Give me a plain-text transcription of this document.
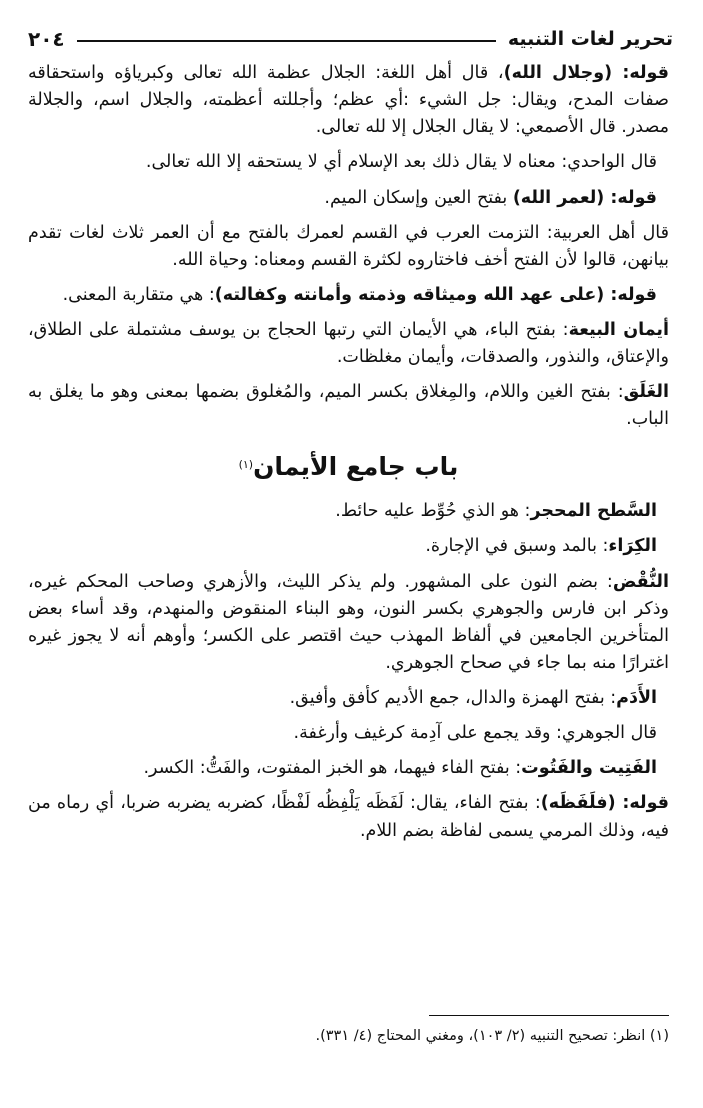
تحرير لغات التنبيه
٢٠٤

قوله: (وجلال الله)، قال أهل اللغة: الجلال عظمة الله تعالى وكبرياؤه واستحقاقه صفات المدح، ويقال: جل الشيء :أي عظم؛ وأجللته أعظمته، والجلال اسم، والجلالة مصدر. قال الأصمعي: لا يقال الجلال إلا لله تعالى.

قال الواحدي: معناه لا يقال ذلك بعد الإسلام أي لا يستحقه إلا الله تعالى.

قوله: (لعمر الله) بفتح العين وإسكان الميم.

قال أهل العربية: التزمت العرب في القسم لعمرك بالفتح مع أن العمر ثلاث لغات تقدم بيانهن، قالوا لأن الفتح أخف فاختاروه لكثرة القسم ومعناه: وحياة الله.

قوله: (على عهد الله وميثاقه وذمته وأمانته وكفالته): هي متقاربة المعنى.

أيمان البيعة: بفتح الباء، هي الأيمان التي رتبها الحجاج بن يوسف مشتملة على الطلاق، والإعتاق، والنذور، والصدقات، وأيمان مغلظات.

الغَلَق: بفتح الغين واللام، والمِغلاق بكسر الميم، والمُغلوق بضمها بمعنى وهو ما يغلق به الباب.

باب جامع الأيمان$^{(١)}$

السَّطح المحجر: هو الذي حُوِّط عليه حائط.

الكِرَاء: بالمد وسبق في الإجارة.

النُّقْض: بضم النون على المشهور. ولم يذكر الليث، والأزهري وصاحب المحكم غيره، وذكر ابن فارس والجوهري بكسر النون، وهو البناء المنقوض والمنهدم، وقد أساء بعض المتأخرين الجامعين في ألفاظ المهذب حيث اقتصر على الكسر؛ وأوهم أنه لا يجوز غيره اغترارًا منه بما جاء في صحاح الجوهري.

الأَدَم: بفتح الهمزة والدال، جمع الأديم كأفق وأفيق.

قال الجوهري: وقد يجمع على آدِمة كرغيف وأرغفة.

الفَتِيت والفَتُوت: بفتح الفاء فيهما، هو الخبز المفتوت، والفَتُّ: الكسر.

قوله: (فلَفَظَه): بفتح الفاء، يقال: لَفَظَه يَلْفِظُه لَفْظًا، كضربه يضربه ضربا، أي رماه من فيه، وذلك المرمي يسمى لفاظة بضم اللام.

(١) انظر: تصحيح التنبيه (٢/ ١٠٣)، ومغني المحتاج (٤/ ٣٣١).
